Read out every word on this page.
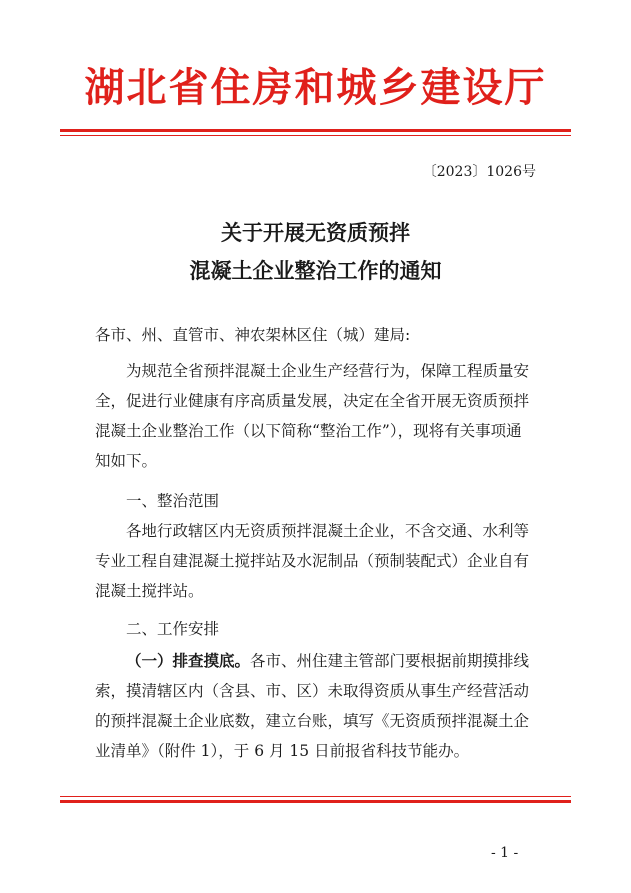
湖北省住房和城乡建设厅
〔2023〕1026号
关于开展无资质预拌
混凝土企业整治工作的通知
各市、州、直管市、神农架林区住（城）建局:

为规范全省预拌混凝土企业生产经营行为，保障工程质量安全，促进行业健康有序高质量发展，决定在全省开展无资质预拌混凝土企业整治工作（以下简称“整治工作”），现将有关事项通知如下。

一、整治范围

各地行政辖区内无资质预拌混凝土企业，不含交通、水利等专业工程自建混凝土搅拌站及水泥制品（预制装配式）企业自有混凝土搅拌站。

二、工作安排

（一）排查摸底。各市、州住建主管部门要根据前期摸排线索，摸清辖区内（含县、市、区）未取得资质从事生产经营活动的预拌混凝土企业底数，建立台账，填写《无资质预拌混凝土企业清单》（附件 1），于 6 月 15 日前报省科技节能办。

- 1 -
